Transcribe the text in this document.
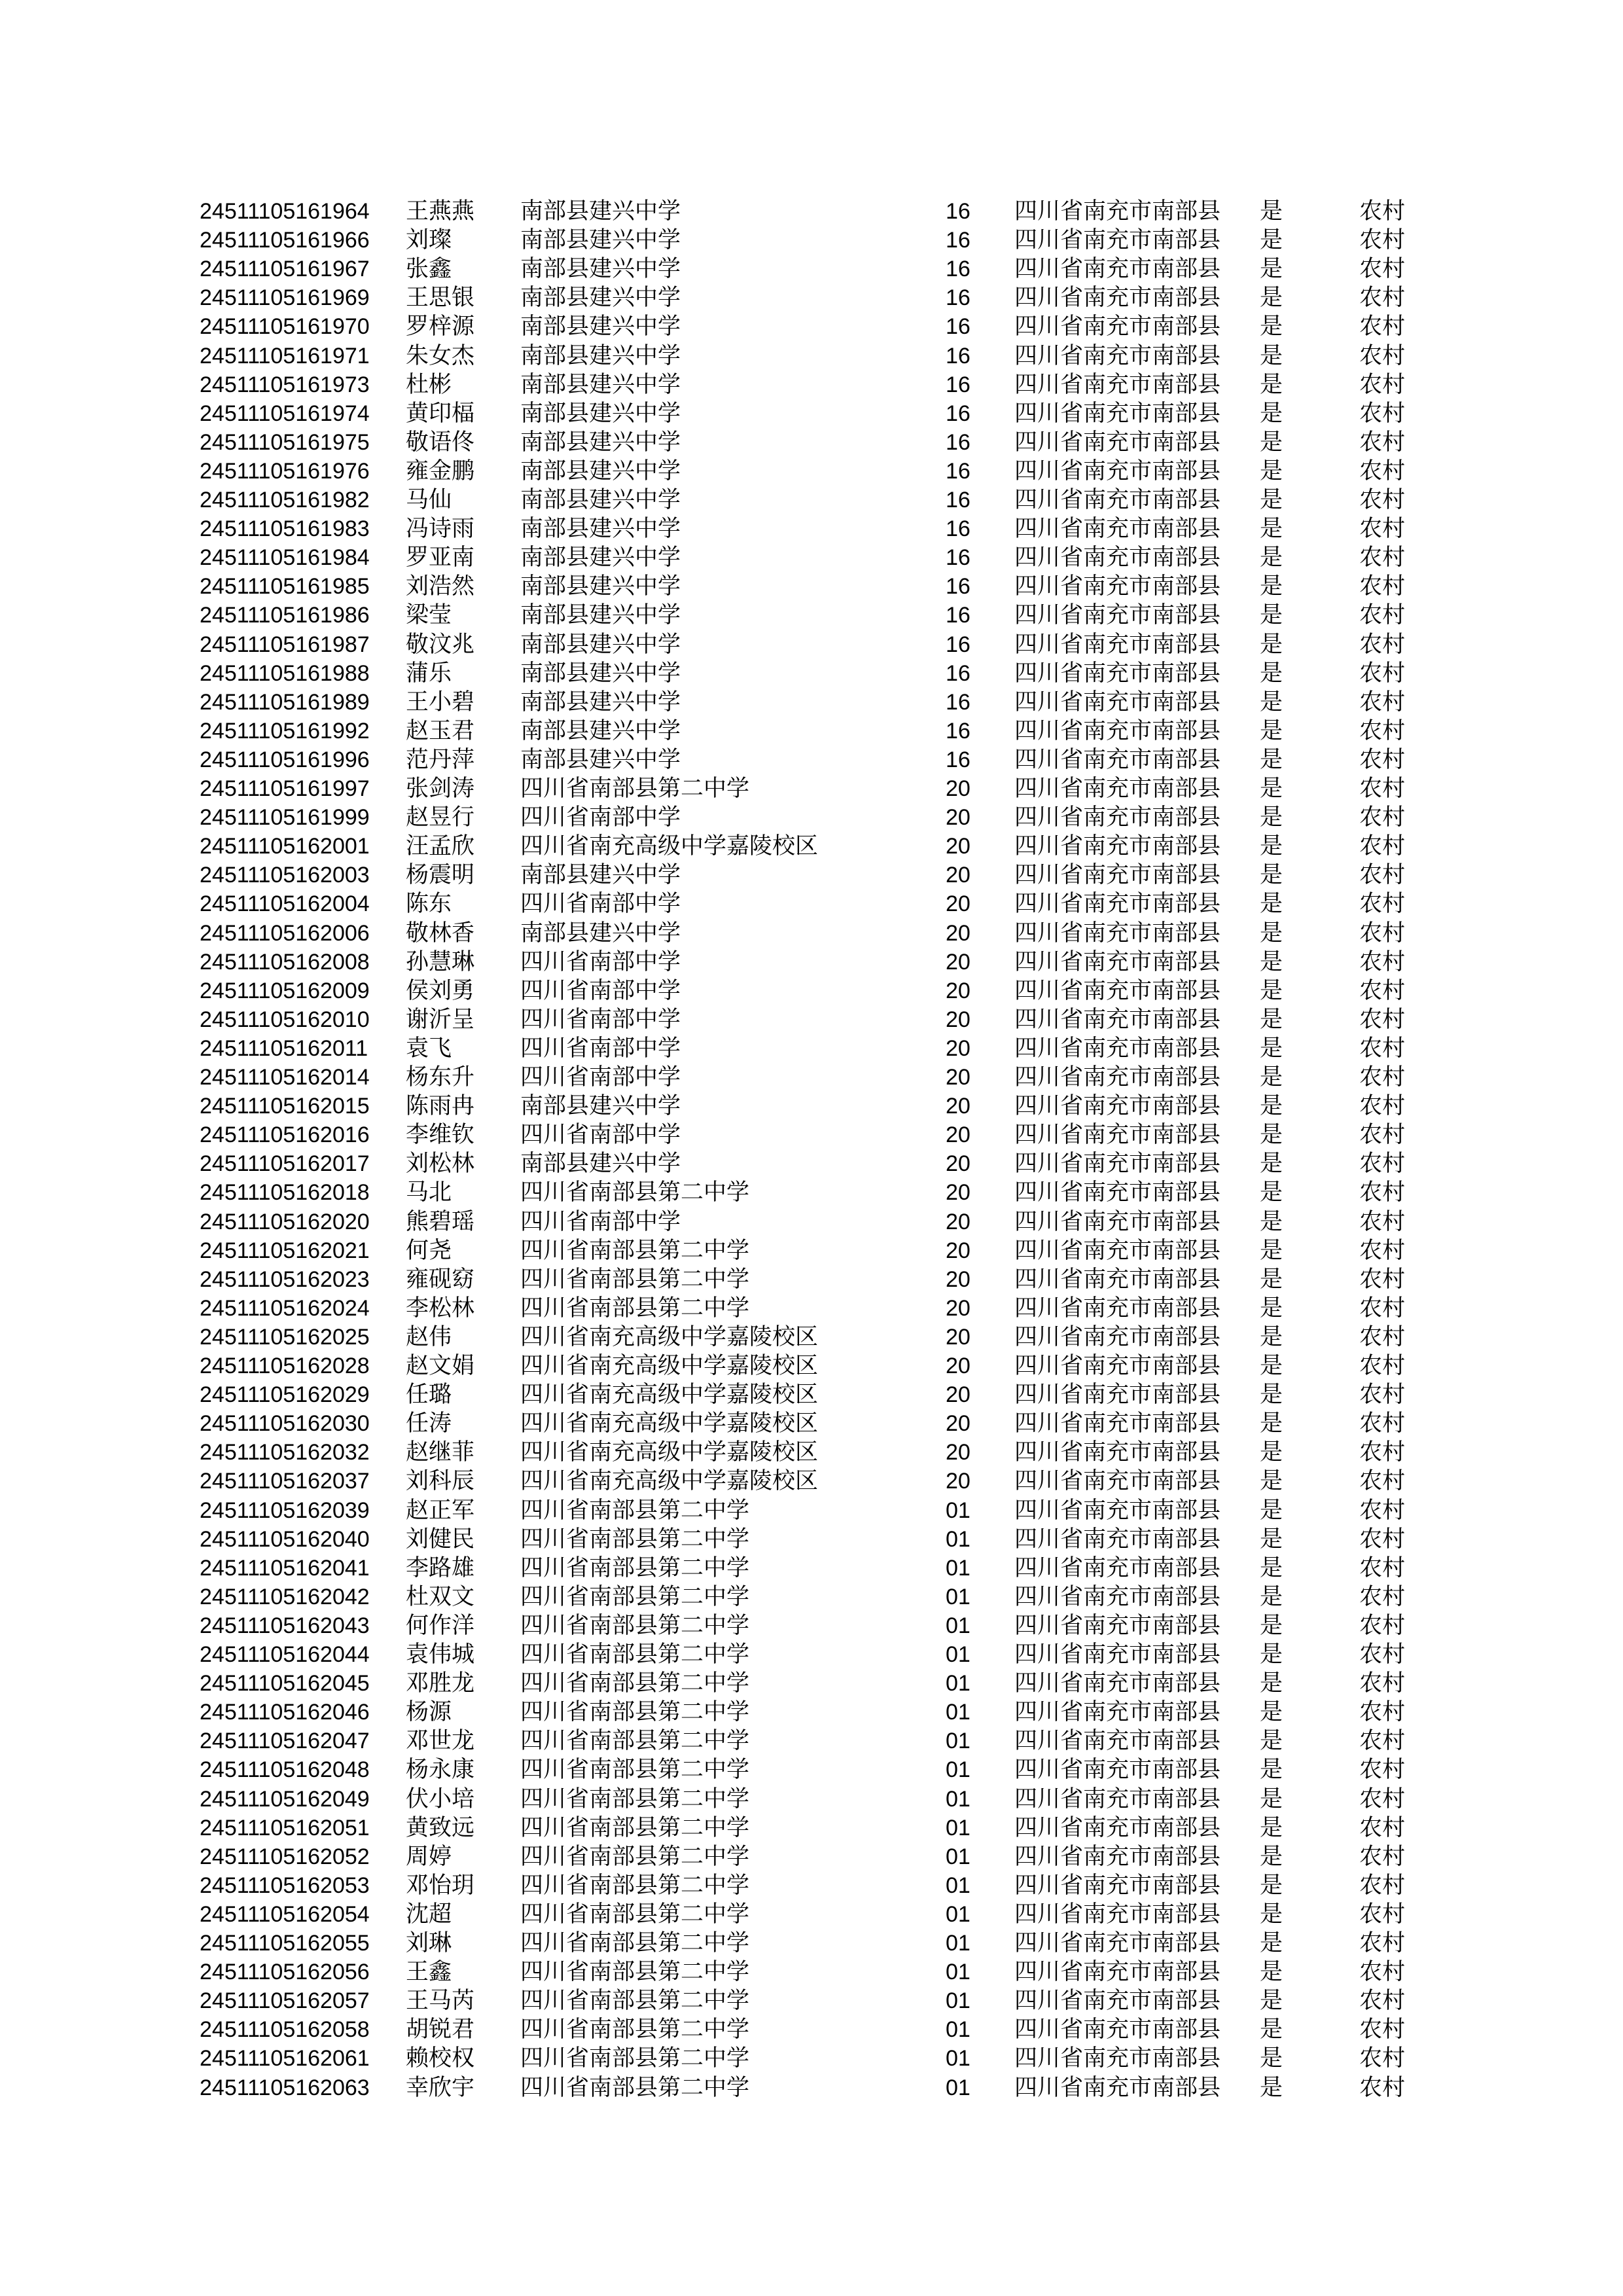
24511105161964 王燕燕 南部县建兴中学	16 四川省南充市南部县 是	农村
24511105161966 刘璨	南部县建兴中学	16 四川省南充市南部县 是	农村
24511105161967 张鑫	南部县建兴中学	16 四川省南充市南部县 是	农村
24511105161969 王思银 南部县建兴中学	16 四川省南充市南部县 是	农村
24511105161970 罗梓源 南部县建兴中学	16 四川省南充市南部县 是	农村
24511105161971 朱女杰 南部县建兴中学	16 四川省南充市南部县 是	农村
24511105161973 杜彬	南部县建兴中学	16 四川省南充市南部县 是	农村
24511105161974 黄印楅 南部县建兴中学	16 四川省南充市南部县 是	农村
24511105161975 敬语佟 南部县建兴中学	16 四川省南充市南部县 是	农村
24511105161976 雍金鹏 南部县建兴中学	16 四川省南充市南部县 是	农村
24511105161982 马仙	南部县建兴中学	16 四川省南充市南部县 是	农村
24511105161983 冯诗雨 南部县建兴中学	16 四川省南充市南部县 是	农村
24511105161984 罗亚南 南部县建兴中学	16 四川省南充市南部县 是	农村
24511105161985 刘浩然 南部县建兴中学	16 四川省南充市南部县 是	农村
24511105161986 梁莹	南部县建兴中学	16 四川省南充市南部县 是	农村
24511105161987 敬汶兆 南部县建兴中学	16 四川省南充市南部县 是	农村
24511105161988 蒲乐	南部县建兴中学	16 四川省南充市南部县 是	农村
24511105161989 王小碧 南部县建兴中学	16 四川省南充市南部县 是	农村
24511105161992 赵玉君 南部县建兴中学	16 四川省南充市南部县 是	农村
24511105161996 范丹萍 南部县建兴中学	16 四川省南充市南部县 是	农村
24511105161997 张剑涛 四川省南部县第二中学	20 四川省南充市南部县 是	农村
24511105161999 赵昱行 四川省南部中学	20 四川省南充市南部县 是	农村
24511105162001 汪孟欣 四川省南充高级中学嘉陵校区	20 四川省南充市南部县 是	农村
24511105162003 杨震明 南部县建兴中学	20 四川省南充市南部县 是	农村
24511105162004 陈东	四川省南部中学	20 四川省南充市南部县 是	农村
24511105162006 敬林香 南部县建兴中学	20 四川省南充市南部县 是	农村
24511105162008 孙慧琳 四川省南部中学	20 四川省南充市南部县 是	农村
24511105162009 侯刘勇 四川省南部中学	20 四川省南充市南部县 是	农村
24511105162010 谢沂呈 四川省南部中学	20 四川省南充市南部县 是	农村
24511105162011 袁飞	四川省南部中学	20 四川省南充市南部县 是	农村
24511105162014 杨东升 四川省南部中学	20 四川省南充市南部县 是	农村
24511105162015 陈雨冉 南部县建兴中学	20 四川省南充市南部县 是	农村
24511105162016 李维钦 四川省南部中学	20 四川省南充市南部县 是	农村
24511105162017 刘松林 南部县建兴中学	20 四川省南充市南部县 是	农村
24511105162018 马北	四川省南部县第二中学	20 四川省南充市南部县 是	农村
24511105162020 熊碧瑶 四川省南部中学	20 四川省南充市南部县 是	农村
24511105162021 何尧	四川省南部县第二中学	20 四川省南充市南部县 是	农村
24511105162023 雍砚窈 四川省南部县第二中学	20 四川省南充市南部县 是	农村
24511105162024 李松林 四川省南部县第二中学	20 四川省南充市南部县 是	农村
24511105162025 赵伟	四川省南充高级中学嘉陵校区	20 四川省南充市南部县 是	农村
24511105162028 赵文娟 四川省南充高级中学嘉陵校区	20 四川省南充市南部县 是	农村
24511105162029 任璐	四川省南充高级中学嘉陵校区	20 四川省南充市南部县 是	农村
24511105162030 任涛	四川省南充高级中学嘉陵校区	20 四川省南充市南部县 是	农村
24511105162032 赵继菲 四川省南充高级中学嘉陵校区	20 四川省南充市南部县 是	农村
24511105162037 刘科辰 四川省南充高级中学嘉陵校区	20 四川省南充市南部县 是	农村
24511105162039 赵正军 四川省南部县第二中学	01 四川省南充市南部县 是	农村
24511105162040 刘健民 四川省南部县第二中学	01 四川省南充市南部县 是	农村
24511105162041 李路雄 四川省南部县第二中学	01 四川省南充市南部县 是	农村
24511105162042 杜双文 四川省南部县第二中学	01 四川省南充市南部县 是	农村
24511105162043 何作洋 四川省南部县第二中学	01 四川省南充市南部县 是	农村
24511105162044 袁伟城 四川省南部县第二中学	01 四川省南充市南部县 是	农村
24511105162045 邓胜龙 四川省南部县第二中学	01 四川省南充市南部县 是	农村
24511105162046 杨源	四川省南部县第二中学	01 四川省南充市南部县 是	农村
24511105162047 邓世龙 四川省南部县第二中学	01 四川省南充市南部县 是	农村
24511105162048 杨永康 四川省南部县第二中学	01 四川省南充市南部县 是	农村
24511105162049 伏小培 四川省南部县第二中学	01 四川省南充市南部县 是	农村
24511105162051 黄致远 四川省南部县第二中学	01 四川省南充市南部县 是	农村
24511105162052 周婷	四川省南部县第二中学	01 四川省南充市南部县 是	农村
24511105162053 邓怡玥 四川省南部县第二中学	01 四川省南充市南部县 是	农村
24511105162054 沈超	四川省南部县第二中学	01 四川省南充市南部县 是	农村
24511105162055 刘琳	四川省南部县第二中学	01 四川省南充市南部县 是	农村
24511105162056 王鑫	四川省南部县第二中学	01 四川省南充市南部县 是	农村
24511105162057 王马芮 四川省南部县第二中学	01 四川省南充市南部县 是	农村
24511105162058 胡锐君 四川省南部县第二中学	01 四川省南充市南部县 是	农村
24511105162061 赖校权 四川省南部县第二中学	01 四川省南充市南部县 是	农村
24511105162063 幸欣宇 四川省南部县第二中学	01 四川省南充市南部县 是	农村
